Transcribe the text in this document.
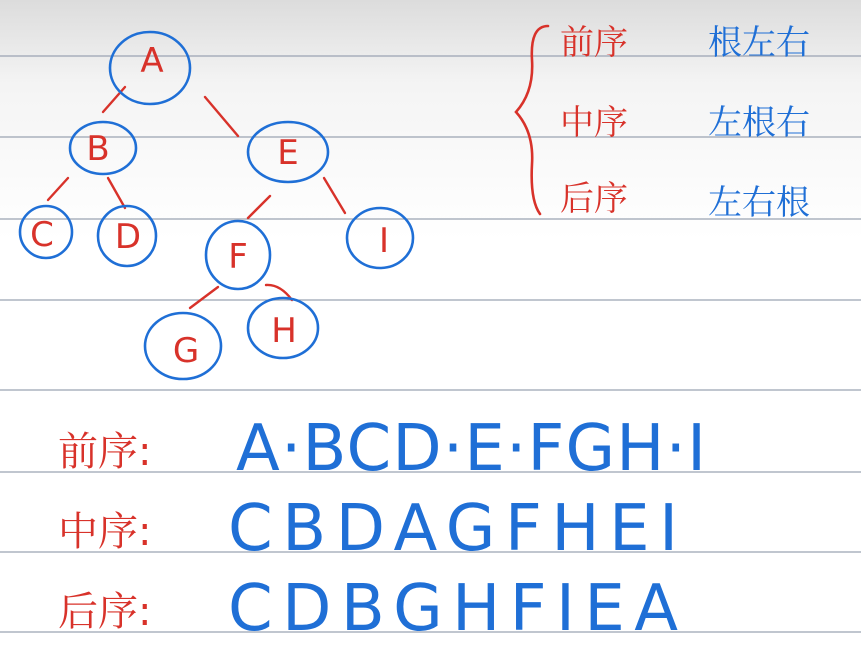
A
B
C D
E
F	I
G H
前序
中序
后序
根左右
左根右
左右根
前序:
中序:
后序:
A·BCD·E·FGH·I
CBDAGFHEI
CDBGHFIEA
